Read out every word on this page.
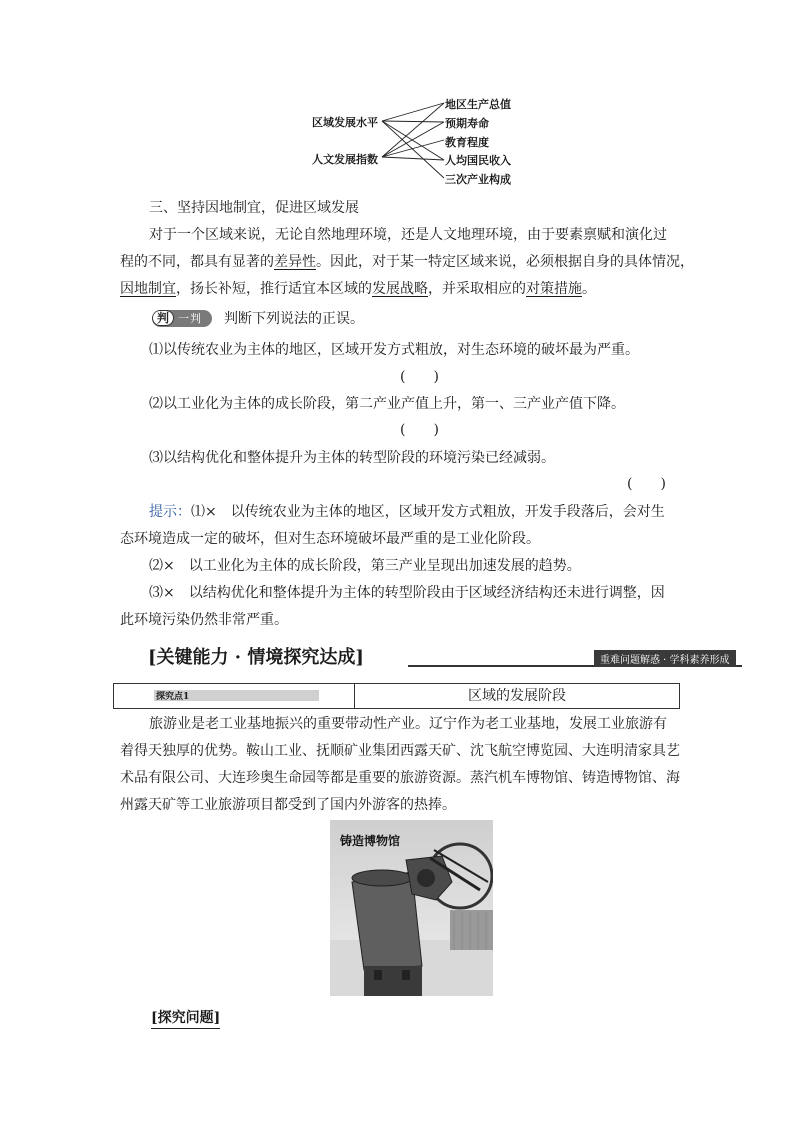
区域发展水平
人文发展指数
地区生产总值
预期寿命
教育程度
人均国民收入
三次产业构成
三、坚持因地制宜，促进区域发展
对于一个区域来说，无论自然地理环境，还是人文地理环境，由于要素禀赋和演化过
程的不同，都具有显著的差异性。因此，对于某一特定区域来说，必须根据自身的具体情况，
因地制宜，扬长补短，推行适宜本区域的发展战略，并采取相应的对策措施。
判 一判	判断下列说法的正误。
⑴以传统农业为主体的地区，区域开发方式粗放，对生态环境的破坏最为严重。
(　　)
⑵以工业化为主体的成长阶段，第二产业产值上升，第一、三产业产值下降。
(　　)
⑶以结构优化和整体提升为主体的转型阶段的环境污染已经减弱。
(　　)
提示：⑴×　以传统农业为主体的地区，区域开发方式粗放，开发手段落后，会对生
态环境造成一定的破坏，但对生态环境破坏最严重的是工业化阶段。
⑵×　以工业化为主体的成长阶段，第三产业呈现出加速发展的趋势。
⑶×　以结构优化和整体提升为主体的转型阶段由于区域经济结构还未进行调整，因
此环境污染仍然非常严重。
[关键能力 · 情境探究达成]	重难问题解惑 · 学科素养形成
探究点1	区域的发展阶段
旅游业是老工业基地振兴的重要带动性产业。辽宁作为老工业基地，发展工业旅游有
着得天独厚的优势。鞍山工业、抚顺矿业集团西露天矿、沈飞航空博览园、大连明清家具艺
术品有限公司、大连珍奥生命园等都是重要的旅游资源。蒸汽机车博物馆、铸造博物馆、海
州露天矿等工业旅游项目都受到了国内外游客的热捧。
铸造博物馆
[探究问题]
